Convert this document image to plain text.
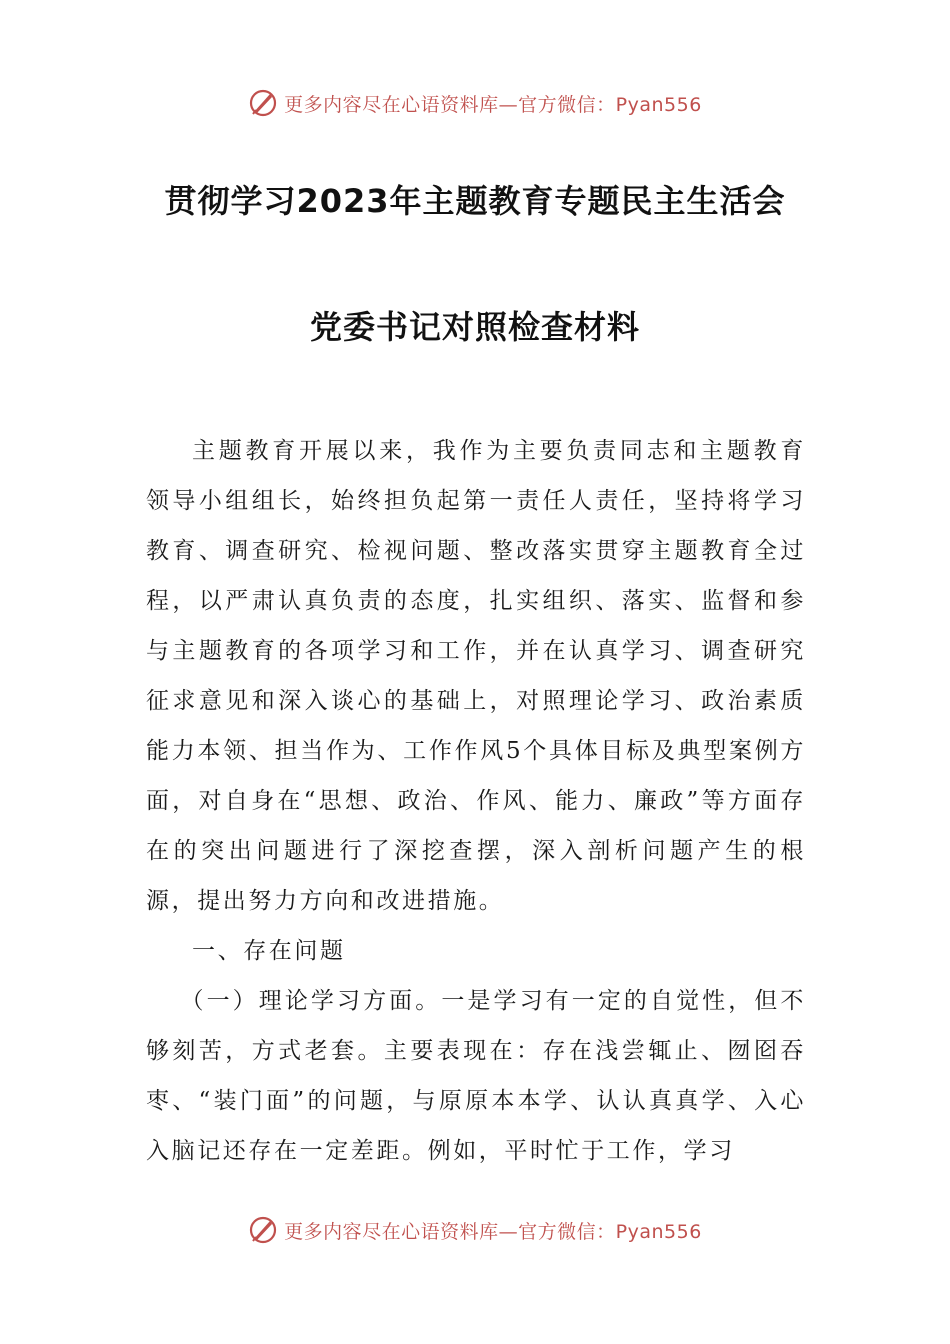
更多内容尽在心语资料库—官方微信：Pyan556
贯彻学习2023年主题教育专题民主生活会
党委书记对照检查材料

主题教育开展以来，我作为主要负责同志和主题教育领导小组组长，始终担负起第一责任人责任，坚持将学习教育、调查研究、检视问题、整改落实贯穿主题教育全过程，以严肃认真负责的态度，扎实组织、落实、监督和参与主题教育的各项学习和工作，并在认真学习、调查研究征求意见和深入谈心的基础上，对照理论学习、政治素质能力本领、担当作为、工作作风5个具体目标及典型案例方面，对自身在“思想、政治、作风、能力、廉政”等方面存在的突出问题进行了深挖查摆，深入剖析问题产生的根源，提出努力方向和改进措施。

一、存在问题

（一）理论学习方面。一是学习有一定的自觉性，但不够刻苦，方式老套。主要表现在：存在浅尝辄止、囫囵吞枣、“装门面”的问题，与原原本本学、认认真真学、入心入脑记还存在一定差距。例如，平时忙于工作，学习

更多内容尽在心语资料库—官方微信：Pyan556
